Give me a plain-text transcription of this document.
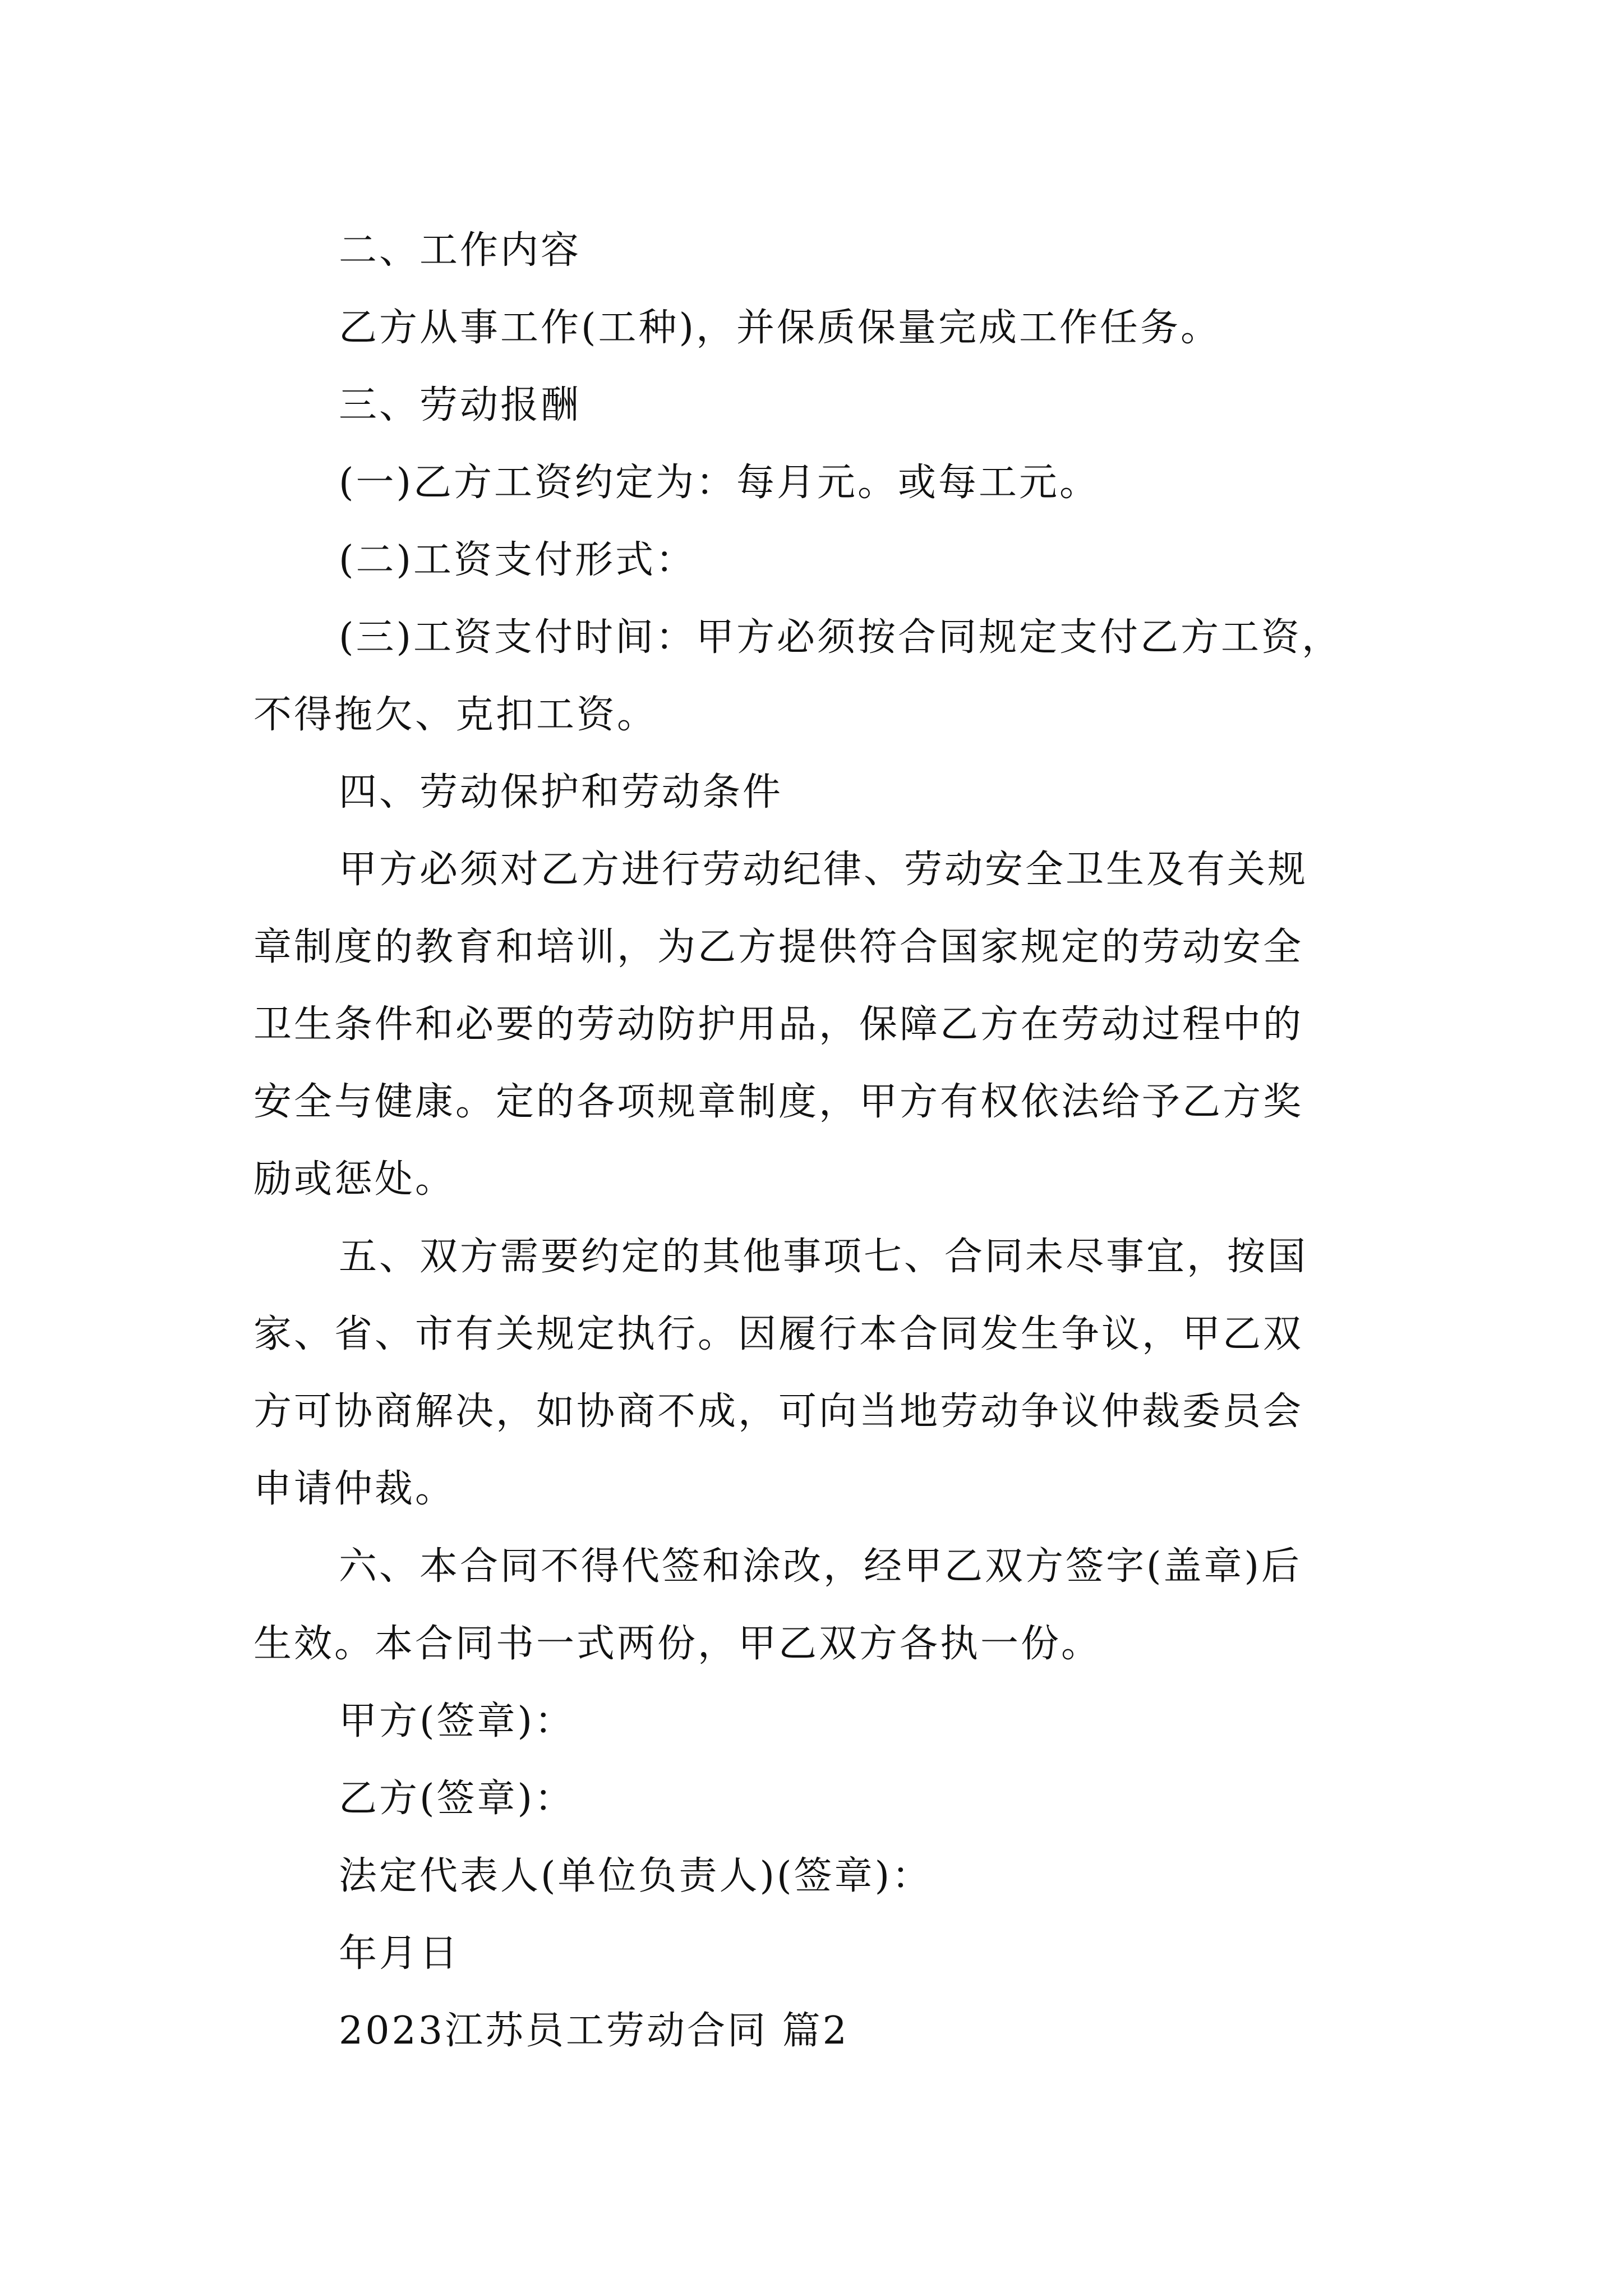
二、工作内容
乙方从事工作(工种)，并保质保量完成工作任务。
三、劳动报酬
(一)乙方工资约定为：每月元。或每工元。
(二)工资支付形式：
(三)工资支付时间：甲方必须按合同规定支付乙方工资，
不得拖欠、克扣工资。
四、劳动保护和劳动条件
甲方必须对乙方进行劳动纪律、劳动安全卫生及有关规
章制度的教育和培训，为乙方提供符合国家规定的劳动安全
卫生条件和必要的劳动防护用品，保障乙方在劳动过程中的
安全与健康。定的各项规章制度，甲方有权依法给予乙方奖
励或惩处。
五、双方需要约定的其他事项七、合同未尽事宜，按国
家、省、市有关规定执行。因履行本合同发生争议，甲乙双
方可协商解决，如协商不成，可向当地劳动争议仲裁委员会
申请仲裁。
六、本合同不得代签和涂改，经甲乙双方签字(盖章)后
生效。本合同书一式两份，甲乙双方各执一份。
甲方(签章)：
乙方(签章)：
法定代表人(单位负责人)(签章)：
年月日
2023江苏员工劳动合同 篇2
